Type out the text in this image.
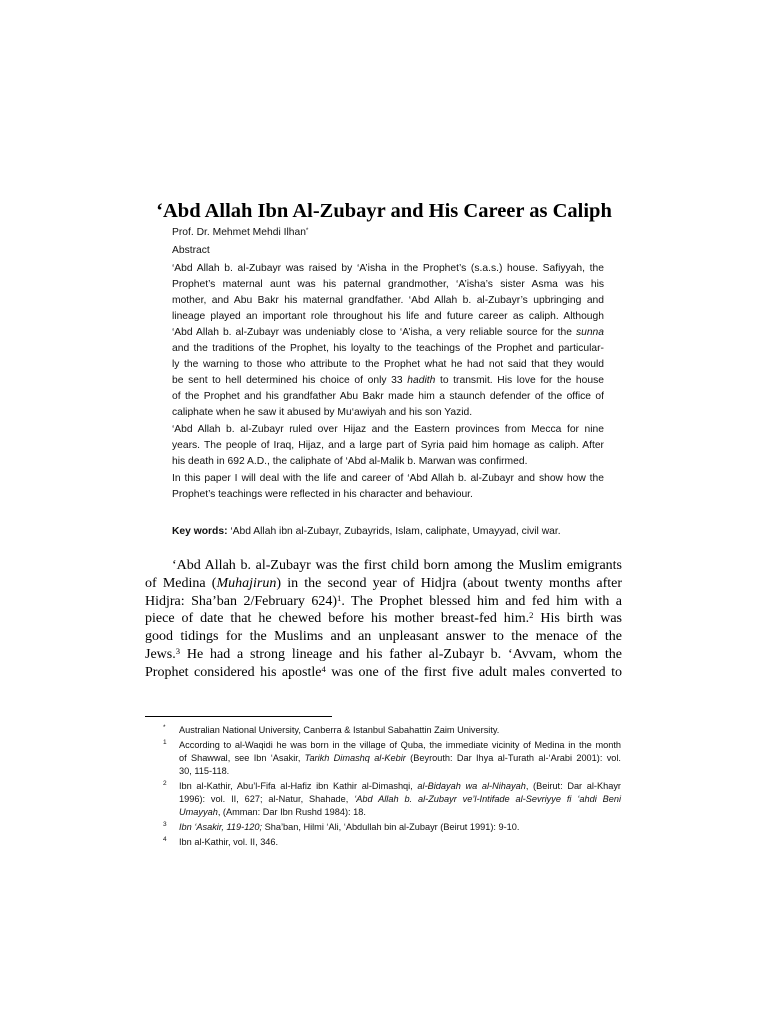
‘Abd Allah Ibn Al-Zubayr and His Career as Caliph
Prof. Dr. Mehmet Mehdi Ilhan*
Abstract
‘Abd Allah b. al-Zubayr was raised by ‘A’isha in the Prophet’s (s.a.s.) house. Safiyyah, the
Prophet’s maternal aunt was his paternal grandmother, ‘A’isha’s sister Asma was his
mother, and Abu Bakr his maternal grandfather. ‘Abd Allah b. al-Zubayr’s upbringing and
lineage played an important role throughout his life and future career as caliph. Although
‘Abd Allah b. al-Zubayr was undeniably close to ‘A’isha, a very reliable source for the sunna
and the traditions of the Prophet, his loyalty to the teachings of the Prophet and particular-
ly the warning to those who attribute to the Prophet what he had not said that they would
be sent to hell determined his choice of only 33 hadith to transmit. His love for the house
of the Prophet and his grandfather Abu Bakr made him a staunch defender of the office of
caliphate when he saw it abused by Mu‘awiyah and his son Yazid.
‘Abd Allah b. al-Zubayr ruled over Hijaz and the Eastern provinces from Mecca for nine
years. The people of Iraq, Hijaz, and a large part of Syria paid him homage as caliph. After
his death in 692 A.D., the caliphate of ‘Abd al-Malik b. Marwan was confirmed.
In this paper I will deal with the life and career of ‘Abd Allah b. al-Zubayr and show how the
Prophet’s teachings were reflected in his character and behaviour.
Key words: ‘Abd Allah ibn al-Zubayr, Zubayrids, Islam, caliphate, Umayyad, civil war.
‘Abd Allah b. al-Zubayr was the first child born among the Muslim emigrants
of Medina (Muhajirun) in the second year of Hidjra (about twenty months after
Hidjra: Sha’ban 2/February 624)$^1$. The Prophet blessed him and fed him with a
piece of date that he chewed before his mother breast-fed him.$^2$ His birth was
good tidings for the Muslims and an unpleasant answer to the menace of the
Jews.$^3$ He had a strong lineage and his father al-Zubayr b. ‘Avvam, whom the
Prophet considered his apostle$^4$ was one of the first five adult males converted to
* Australian National University, Canberra & Istanbul Sabahattin Zaim University.
1 According to al-Waqidi he was born in the village of Quba, the immediate vicinity of Medina in the month
of Shawwal, see Ibn ‘Asakir, Tarikh Dimashq al-Kebir (Beyrouth: Dar Ihya al-Turath al-‘Arabi 2001): vol.
30, 115-118.
2 Ibn al-Kathir, Abu’l-Fifa al-Hafiz ibn Kathir al-Dimashqi, al-Bidayah wa al-Nihayah, (Beirut: Dar al-Khayr
1996): vol. II, 627; al-Natur, Shahade, ‘Abd Allah b. al-Zubayr ve’l-Intifade al-Sevriyye fi ‘ahdi Beni
Umayyah, (Amman: Dar Ibn Rushd 1984): 18.
3 Ibn ‘Asakir, 119-120; Sha’ban, Hilmi ‘Ali, ‘Abdullah bin al-Zubayr (Beirut 1991): 9-10.
4 Ibn al-Kathir, vol. II, 346.
